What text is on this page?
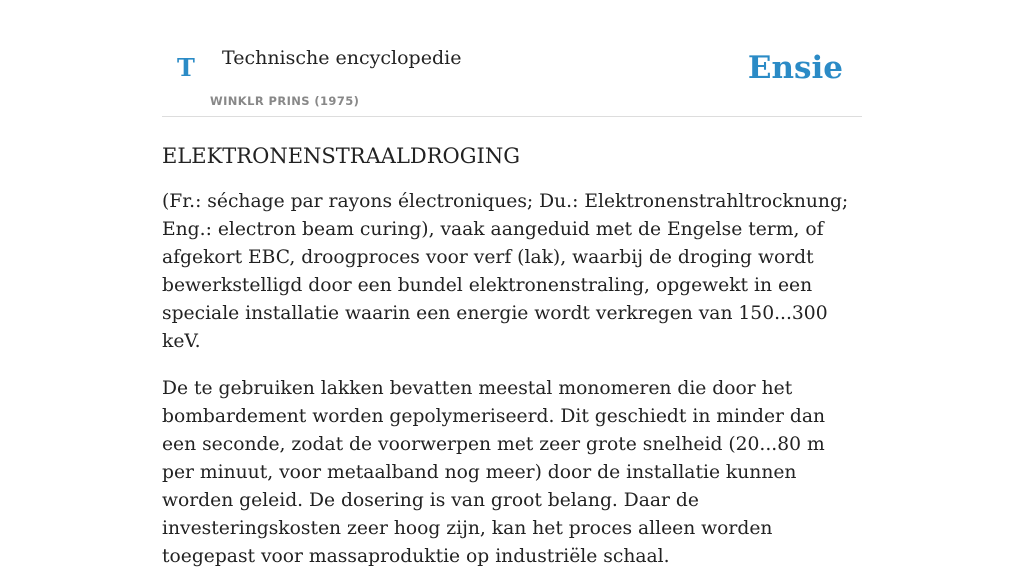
T Technische encyclopedie
WINKLR PRINS (1975)
Ensie
ELEKTRONENSTRAALDROGING

(Fr.: séchage par rayons électroniques; Du.: Elektronenstrahltrocknung; Eng.: electron beam curing), vaak aangeduid met de Engelse term, of afgekort EBC, droogproces voor verf (lak), waarbij de droging wordt bewerkstelligd door een bundel elektronenstraling, opgewekt in een speciale installatie waarin een energie wordt verkregen van 150...300 keV.

De te gebruiken lakken bevatten meestal monomeren die door het bombardement worden gepolymeriseerd. Dit geschiedt in minder dan een seconde, zodat de voorwerpen met zeer grote snelheid (20...80 m per minuut, voor metaalband nog meer) door de installatie kunnen worden geleid. De dosering is van groot belang. Daar de investeringskosten zeer hoog zijn, kan het proces alleen worden toegepast voor massaproduktie op industriële schaal.
